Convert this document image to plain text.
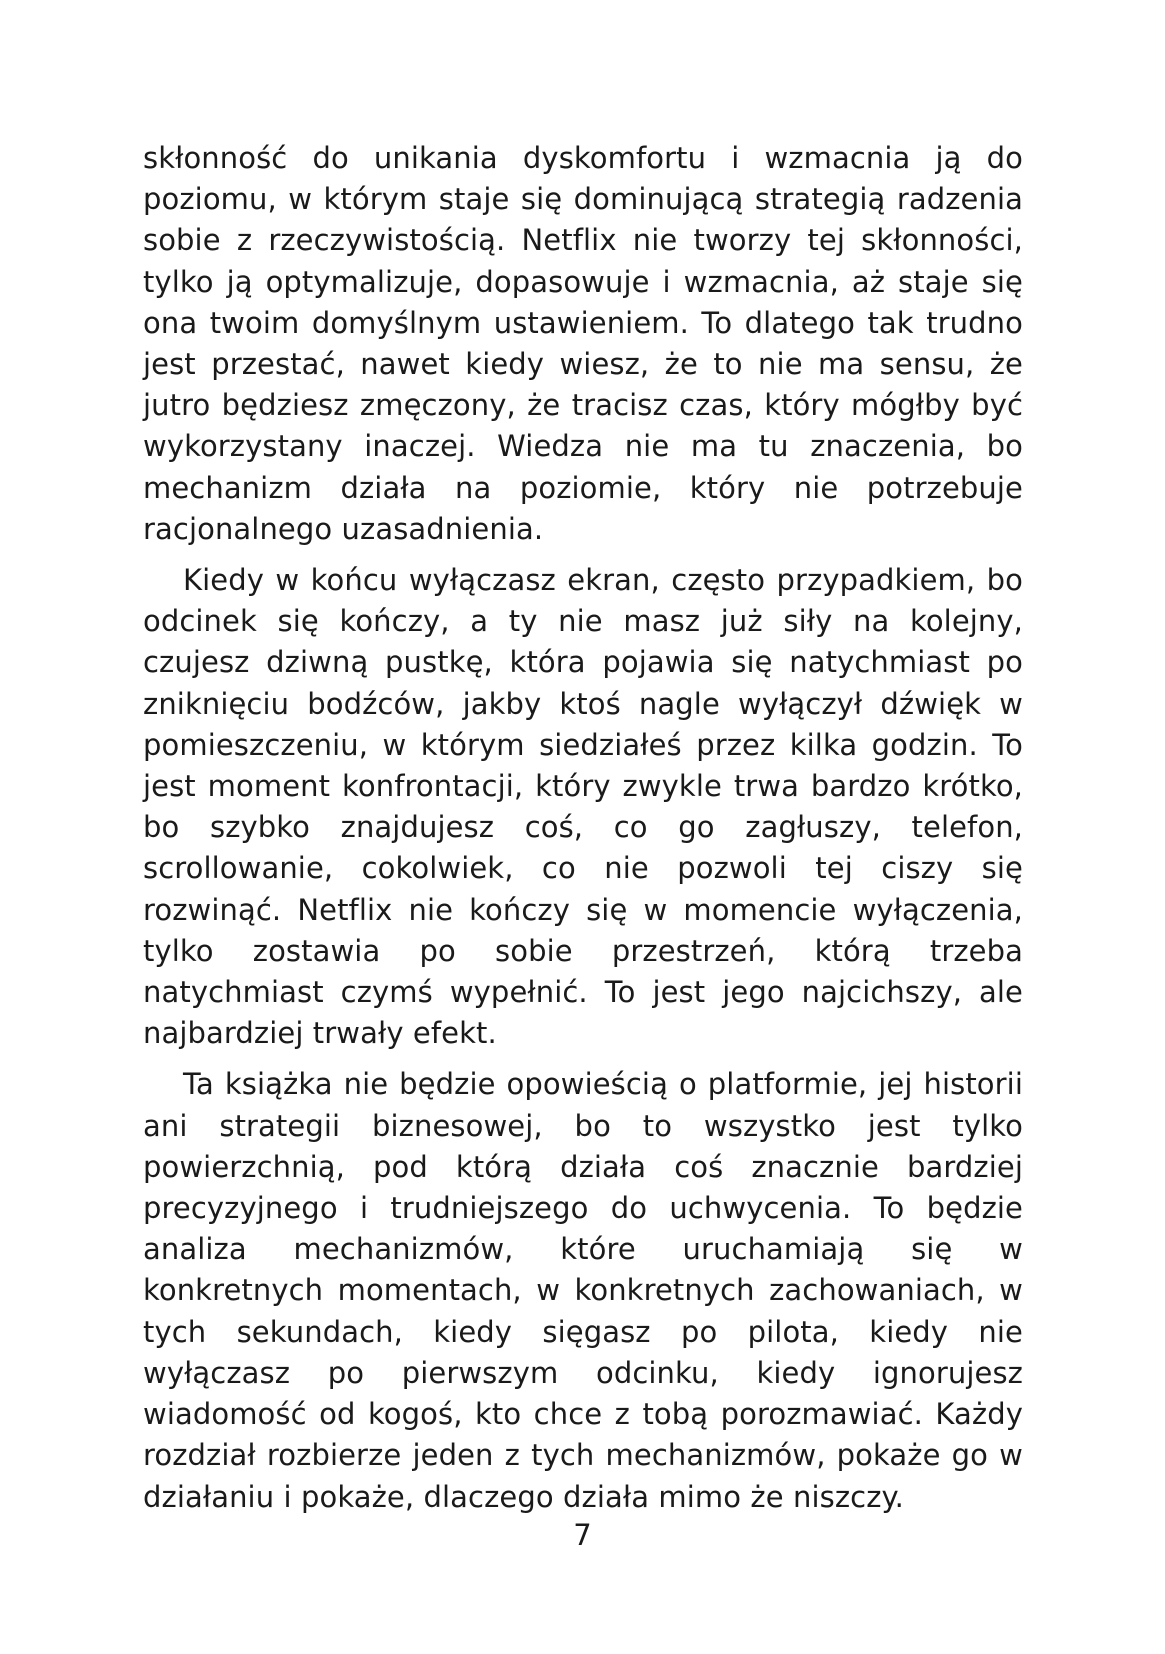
skłonność do unikania dyskomfortu i wzmacnia ją do poziomu, w którym staje się dominującą strategią radzenia sobie z rzeczywistością. Netflix nie tworzy tej skłonności, tylko ją optymalizuje, dopasowuje i wzmacnia, aż staje się ona twoim domyślnym ustawieniem. To dlatego tak trudno jest przestać, nawet kiedy wiesz, że to nie ma sensu, że jutro będziesz zmęczony, że tracisz czas, który mógłby być wykorzystany inaczej. Wiedza nie ma tu znaczenia, bo mechanizm działa na poziomie, który nie potrzebuje racjonalnego uzasadnienia.

Kiedy w końcu wyłączasz ekran, często przypadkiem, bo odcinek się kończy, a ty nie masz już siły na kolejny, czujesz dziwną pustkę, która pojawia się natychmiast po zniknięciu bodźców, jakby ktoś nagle wyłączył dźwięk w pomieszczeniu, w którym siedziałeś przez kilka godzin. To jest moment konfrontacji, który zwykle trwa bardzo krótko, bo szybko znajdujesz coś, co go zagłuszy, telefon, scrollowanie, cokolwiek, co nie pozwoli tej ciszy się rozwinąć. Netflix nie kończy się w momencie wyłączenia, tylko zostawia po sobie przestrzeń, którą trzeba natychmiast czymś wypełnić. To jest jego najcichszy, ale najbardziej trwały efekt.

Ta książka nie będzie opowieścią o platformie, jej historii ani strategii biznesowej, bo to wszystko jest tylko powierzchnią, pod którą działa coś znacznie bardziej precyzyjnego i trudniejszego do uchwycenia. To będzie analiza mechanizmów, które uruchamiają się w konkretnych momentach, w konkretnych zachowaniach, w tych sekundach, kiedy sięgasz po pilota, kiedy nie wyłączasz po pierwszym odcinku, kiedy ignorujesz wiadomość od kogoś, kto chce z tobą porozmawiać. Każdy rozdział rozbierze jeden z tych mechanizmów, pokaże go w działaniu i pokaże, dlaczego działa mimo że niszczy.

7
